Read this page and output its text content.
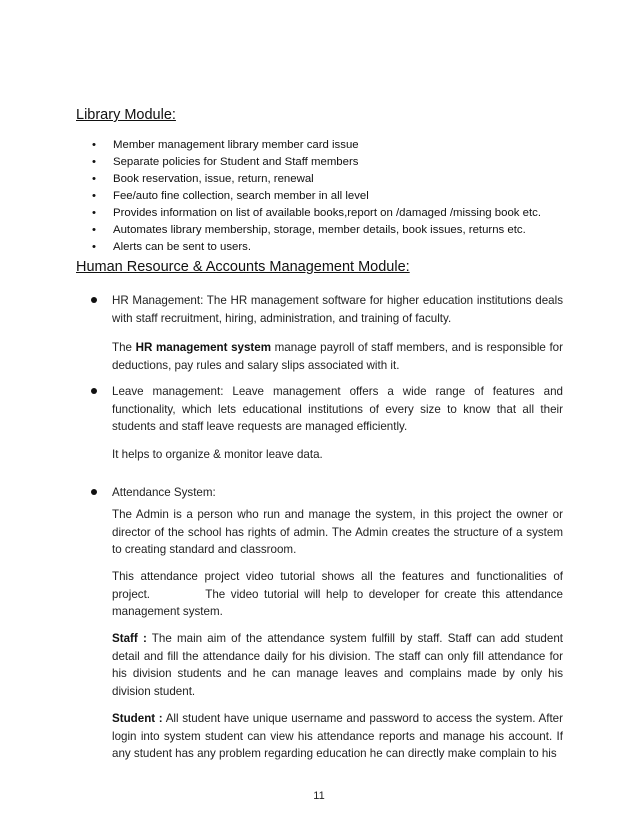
Library Module:
• Member management library member card issue
• Separate policies for Student and Staff members
• Book reservation, issue, return, renewal
• Fee/auto fine collection, search member in all level
• Provides information on list of available books,report on /damaged /missing book etc.
• Automates library membership, storage, member details, book issues, returns etc.
• Alerts can be sent to users.
Human Resource & Accounts Management Module:

HR Management: The HR management software for higher education institutions deals with staff recruitment, hiring, administration, and training of faculty.

The HR management system manage payroll of staff members, and is responsible for deductions, pay rules and salary slips associated with it.

Leave management: Leave management offers a wide range of features and functionality, which lets educational institutions of every size to know that all their students and staff leave requests are managed efficiently.

It helps to organize & monitor leave data.

Attendance System:

The Admin is a person who run and manage the system, in this project the owner or director of the school has rights of admin. The Admin creates the structure of a system to creating standard and classroom.

This attendance project video tutorial shows all the features and functionalities of project.          The video tutorial will help to developer for create this attendance management system.

Staff : The main aim of the attendance system fulfill by staff. Staff can add student detail and fill the attendance daily for his division. The staff can only fill attendance for his division students and he can manage leaves and complains made by only his division student.

Student : All student have unique username and password to access the system. After login into system student can view his attendance reports and manage his account. If any student has any problem regarding education he can directly make complain to his

11
